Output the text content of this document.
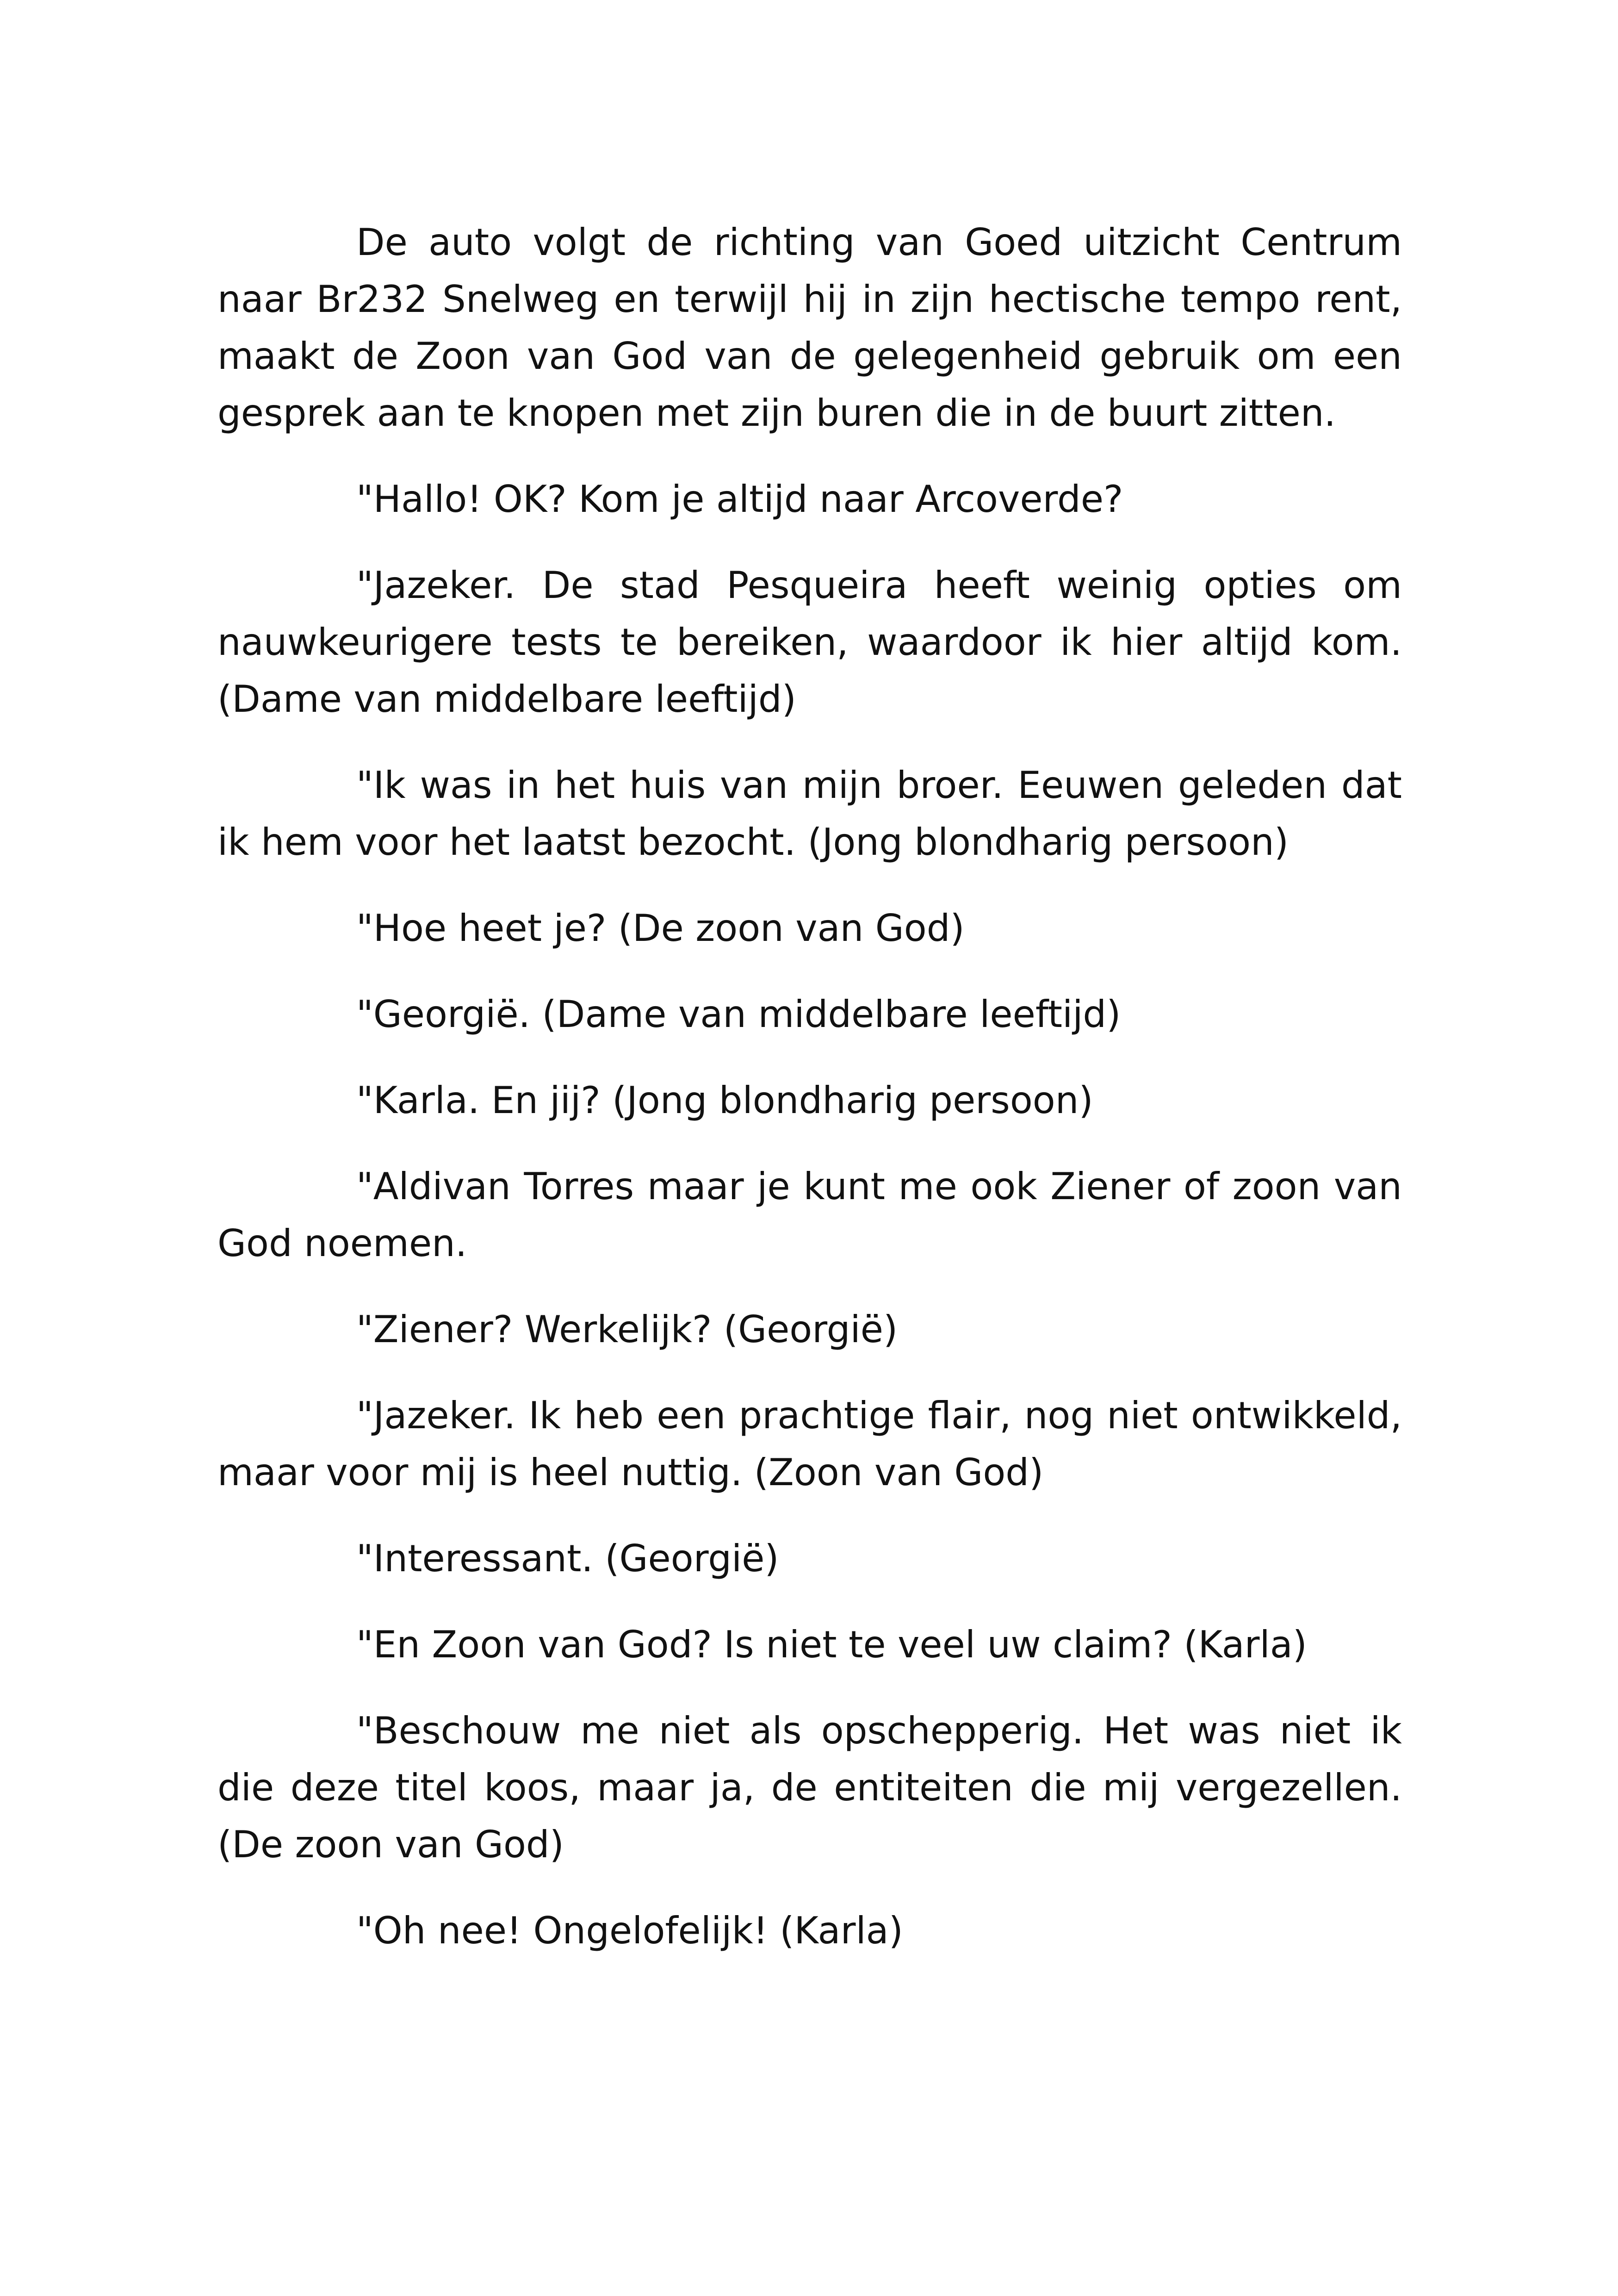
De auto volgt de richting van Goed uitzicht Centrum naar Br232 Snelweg en terwijl hij in zijn hectische tempo rent, maakt de Zoon van God van de gelegenheid gebruik om een gesprek aan te knopen met zijn buren die in de buurt zitten.

"Hallo! OK? Kom je altijd naar Arcoverde?

"Jazeker. De stad Pesqueira heeft weinig opties om nauwkeurigere tests te bereiken, waardoor ik hier altijd kom. (Dame van middelbare leeftijd)

"Ik was in het huis van mijn broer. Eeuwen geleden dat ik hem voor het laatst bezocht. (Jong blondharig persoon)

"Hoe heet je? (De zoon van God)

"Georgië. (Dame van middelbare leeftijd)

"Karla. En jij? (Jong blondharig persoon)

"Aldivan Torres maar je kunt me ook Ziener of zoon van God noemen.

"Ziener? Werkelijk? (Georgië)

"Jazeker. Ik heb een prachtige flair, nog niet ontwikkeld, maar voor mij is heel nuttig. (Zoon van God)

"Interessant. (Georgië)

"En Zoon van God? Is niet te veel uw claim? (Karla)

"Beschouw me niet als opschepperig. Het was niet ik die deze titel koos, maar ja, de entiteiten die mij vergezellen. (De zoon van God)

"Oh nee! Ongelofelijk! (Karla)
